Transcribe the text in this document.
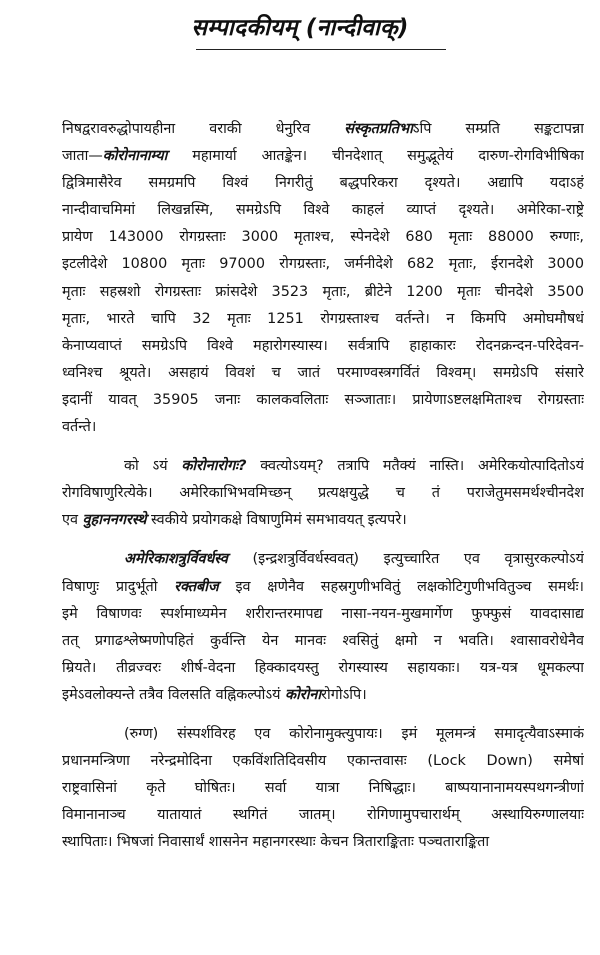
सम्पादकीयम् (नान्दीवाक्)
निषद्वरावरुद्धोपायहीना वराकी धेनुरिव संस्कृतप्रतिभाऽपि सम्प्रति सङ्कटापन्ना
जाता—कोरोनानाम्या महामार्या आतङ्केन। चीनदेशात् समुद्भूतेयं दारुण-रोगविभीषिका
द्वित्रिमासैरेव समग्रमपि विश्वं निगरीतुं बद्धपरिकरा दृश्यते। अद्यापि यदाऽहं
नान्दीवाचमिमां लिखन्नस्मि, समग्रेऽपि विश्वे काहलं व्याप्तं दृश्यते। अमेरिका-राष्ट्रे
प्रायेण 143000 रोगग्रस्ताः 3000 मृताश्च, स्पेनदेशे 680 मृताः 88000 रुग्णाः,
इटलीदेशे 10800 मृताः 97000 रोगग्रस्ताः, जर्मनीदेशे 682 मृताः, ईरानदेशे 3000
मृताः सहस्रशो रोगग्रस्ताः फ्रांसदेशे 3523 मृताः, ब्रीटेने 1200 मृताः चीनदेशे 3500
मृताः, भारते चापि 32 मृताः 1251 रोगग्रस्ताश्च वर्तन्ते। न किमपि अमोघमौषधं
केनाप्यवाप्तं समग्रेऽपि विश्वे महारोगस्यास्य। सर्वत्रापि हाहाकारः रोदनक्रन्दन-परिदेवन-
ध्वनिश्च श्रूयते। असहायं विवशं च जातं परमाण्वस्त्रगर्वितं विश्वम्। समग्रेऽपि संसारे
इदानीं यावत् 35905 जनाः कालकवलिताः सञ्जाताः। प्रायेणाऽष्टलक्षमिताश्च रोगग्रस्ताः
वर्तन्ते।
को ऽयं कोरोनारोगः? क्वत्योऽयम्? तत्रापि मतैक्यं नास्ति। अमेरिकयोत्पादितोऽयं
रोगविषाणुरित्येके। अमेरिकाभिभवमिच्छन् प्रत्यक्षयुद्धे च तं पराजेतुमसमर्थश्चीनदेश
एव वुहाननगरस्थे स्वकीये प्रयोगकक्षे विषाणुमिमं समभावयत् इत्यपरे।
अमेरिकाशत्रुर्विवर्धस्व (इन्द्रशत्रुर्विवर्धस्ववत्) इत्युच्चारित एव वृत्रासुरकल्पोऽयं
विषाणुः प्रादुर्भूतो रक्तबीज इव क्षणेनैव सहस्रगुणीभवितुं लक्षकोटिगुणीभवितुञ्च समर्थः।
इमे विषाणवः स्पर्शमाध्यमेन शरीरान्तरमापद्य नासा-नयन-मुखमार्गेण फुफ्फुसं यावदासाद्य
तत् प्रगाढश्लेष्मणोपहितं कुर्वन्ति येन मानवः श्वसितुं क्षमो न भवति। श्वासावरोधेनैव
म्रियते। तीव्रज्वरः शीर्ष-वेदना हिक्कादयस्तु रोगस्यास्य सहायकाः। यत्र-यत्र धूमकल्पा
इमेऽवलोक्यन्ते तत्रैव विलसति वह्निकल्पोऽयं कोरोनारोगोऽपि।
(रुग्ण) संस्पर्शविरह एव कोरोनामुक्त्युपायः। इमं मूलमन्त्रं समादृत्यैवाऽस्माकं
प्रधानमन्त्रिणा नरेन्द्रमोदिना एकविंशतिदिवसीय एकान्तवासः (Lock Down) समेषां
राष्ट्रवासिनां कृते घोषितः। सर्वा यात्रा निषिद्धाः। बाष्पयानानामयस्पथगन्त्रीणां
विमानानाञ्च यातायातं स्थगितं जातम्। रोगिणामुपचारार्थम् अस्थायिरुग्णालयाः
स्थापिताः। भिषजां निवासार्थं शासनेन महानगरस्थाः केचन त्रिताराङ्किताः पञ्चताराङ्किता
